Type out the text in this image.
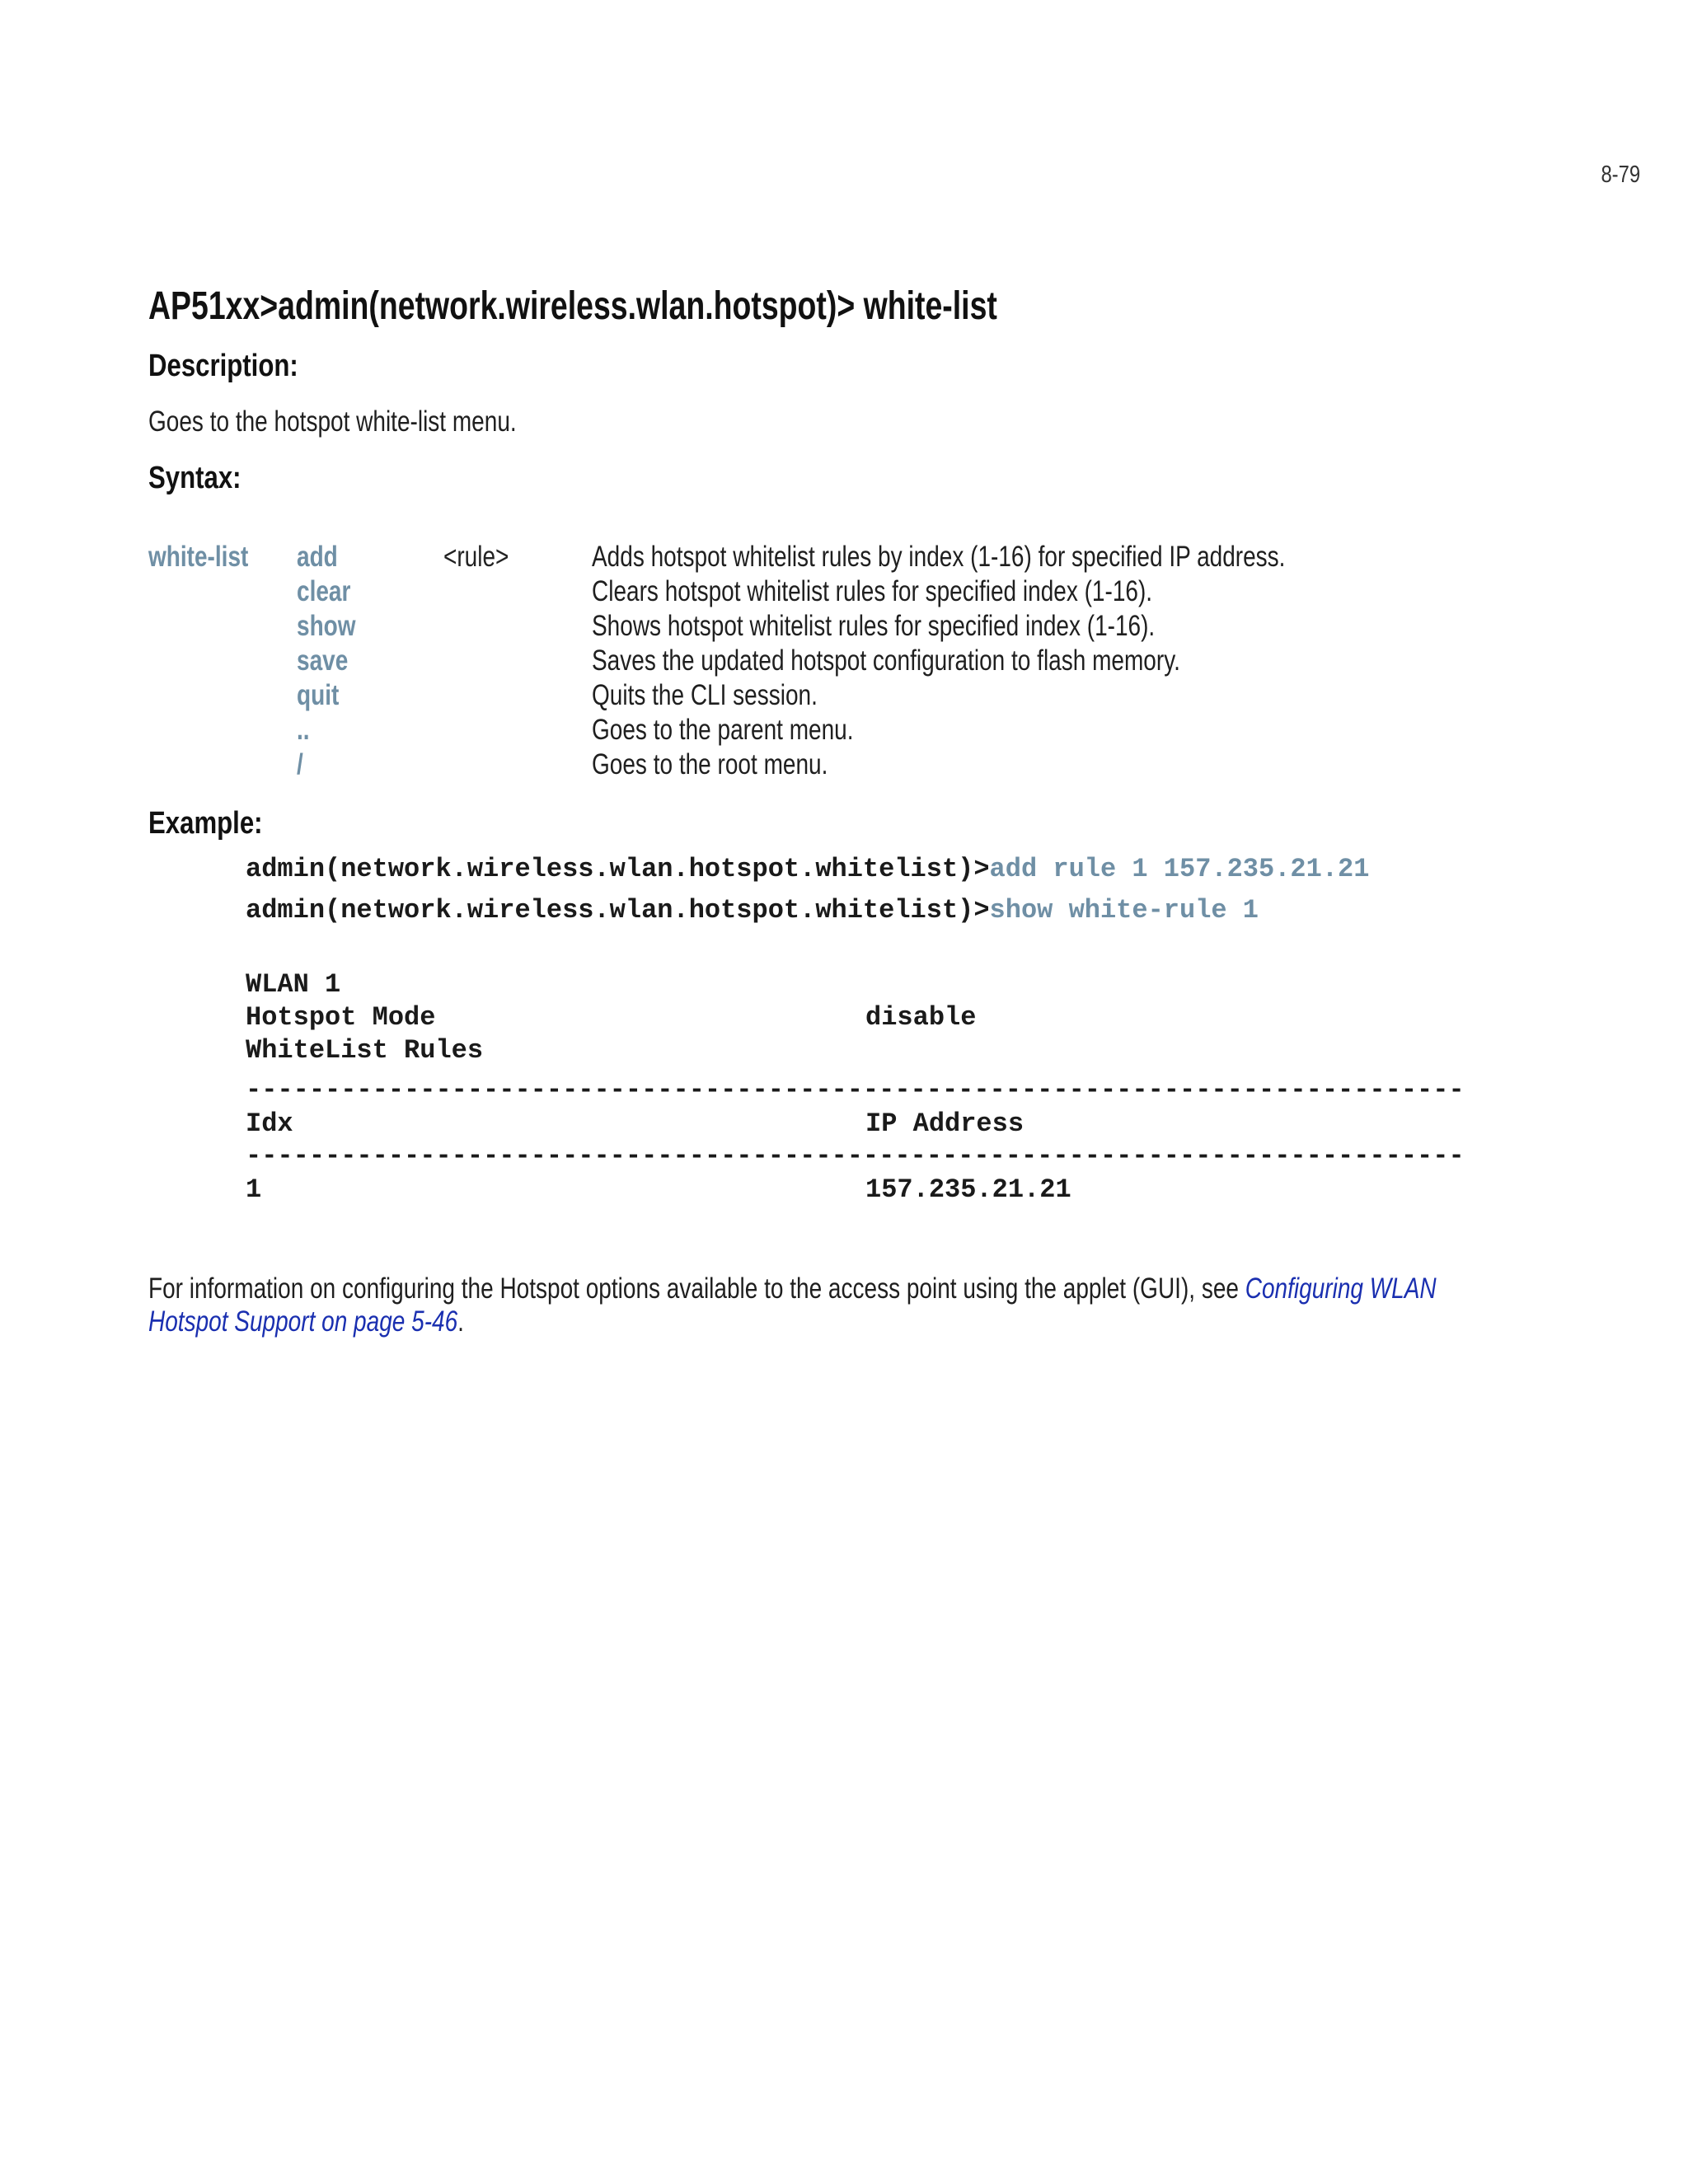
8-79
AP51xx>admin(network.wireless.wlan.hotspot)> white-list
Description:

Goes to the hotspot white-list menu.

Syntax:
white-list	add	<rule>	Adds hotspot whitelist rules by index (1-16) for specified IP address.
clear	Clears hotspot whitelist rules for specified index (1-16).
show	Shows hotspot whitelist rules for specified index (1-16).
save	Saves the updated hotspot configuration to flash memory.
quit	Quits the CLI session.
..	Goes to the parent menu.
/	Goes to the root menu.
Example:
admin(network.wireless.wlan.hotspot.whitelist)>add rule 1 157.235.21.21
admin(network.wireless.wlan.hotspot.whitelist)>show white-rule 1
WLAN 1
Hotspot Mode	disable
WhiteList Rules
-----------------------------------------------------------------------------
Idx	IP Address
-----------------------------------------------------------------------------
1	157.235.21.21

For information on configuring the Hotspot options available to the access point using the applet (GUI), see Configuring WLAN
Hotspot Support on page 5-46.
